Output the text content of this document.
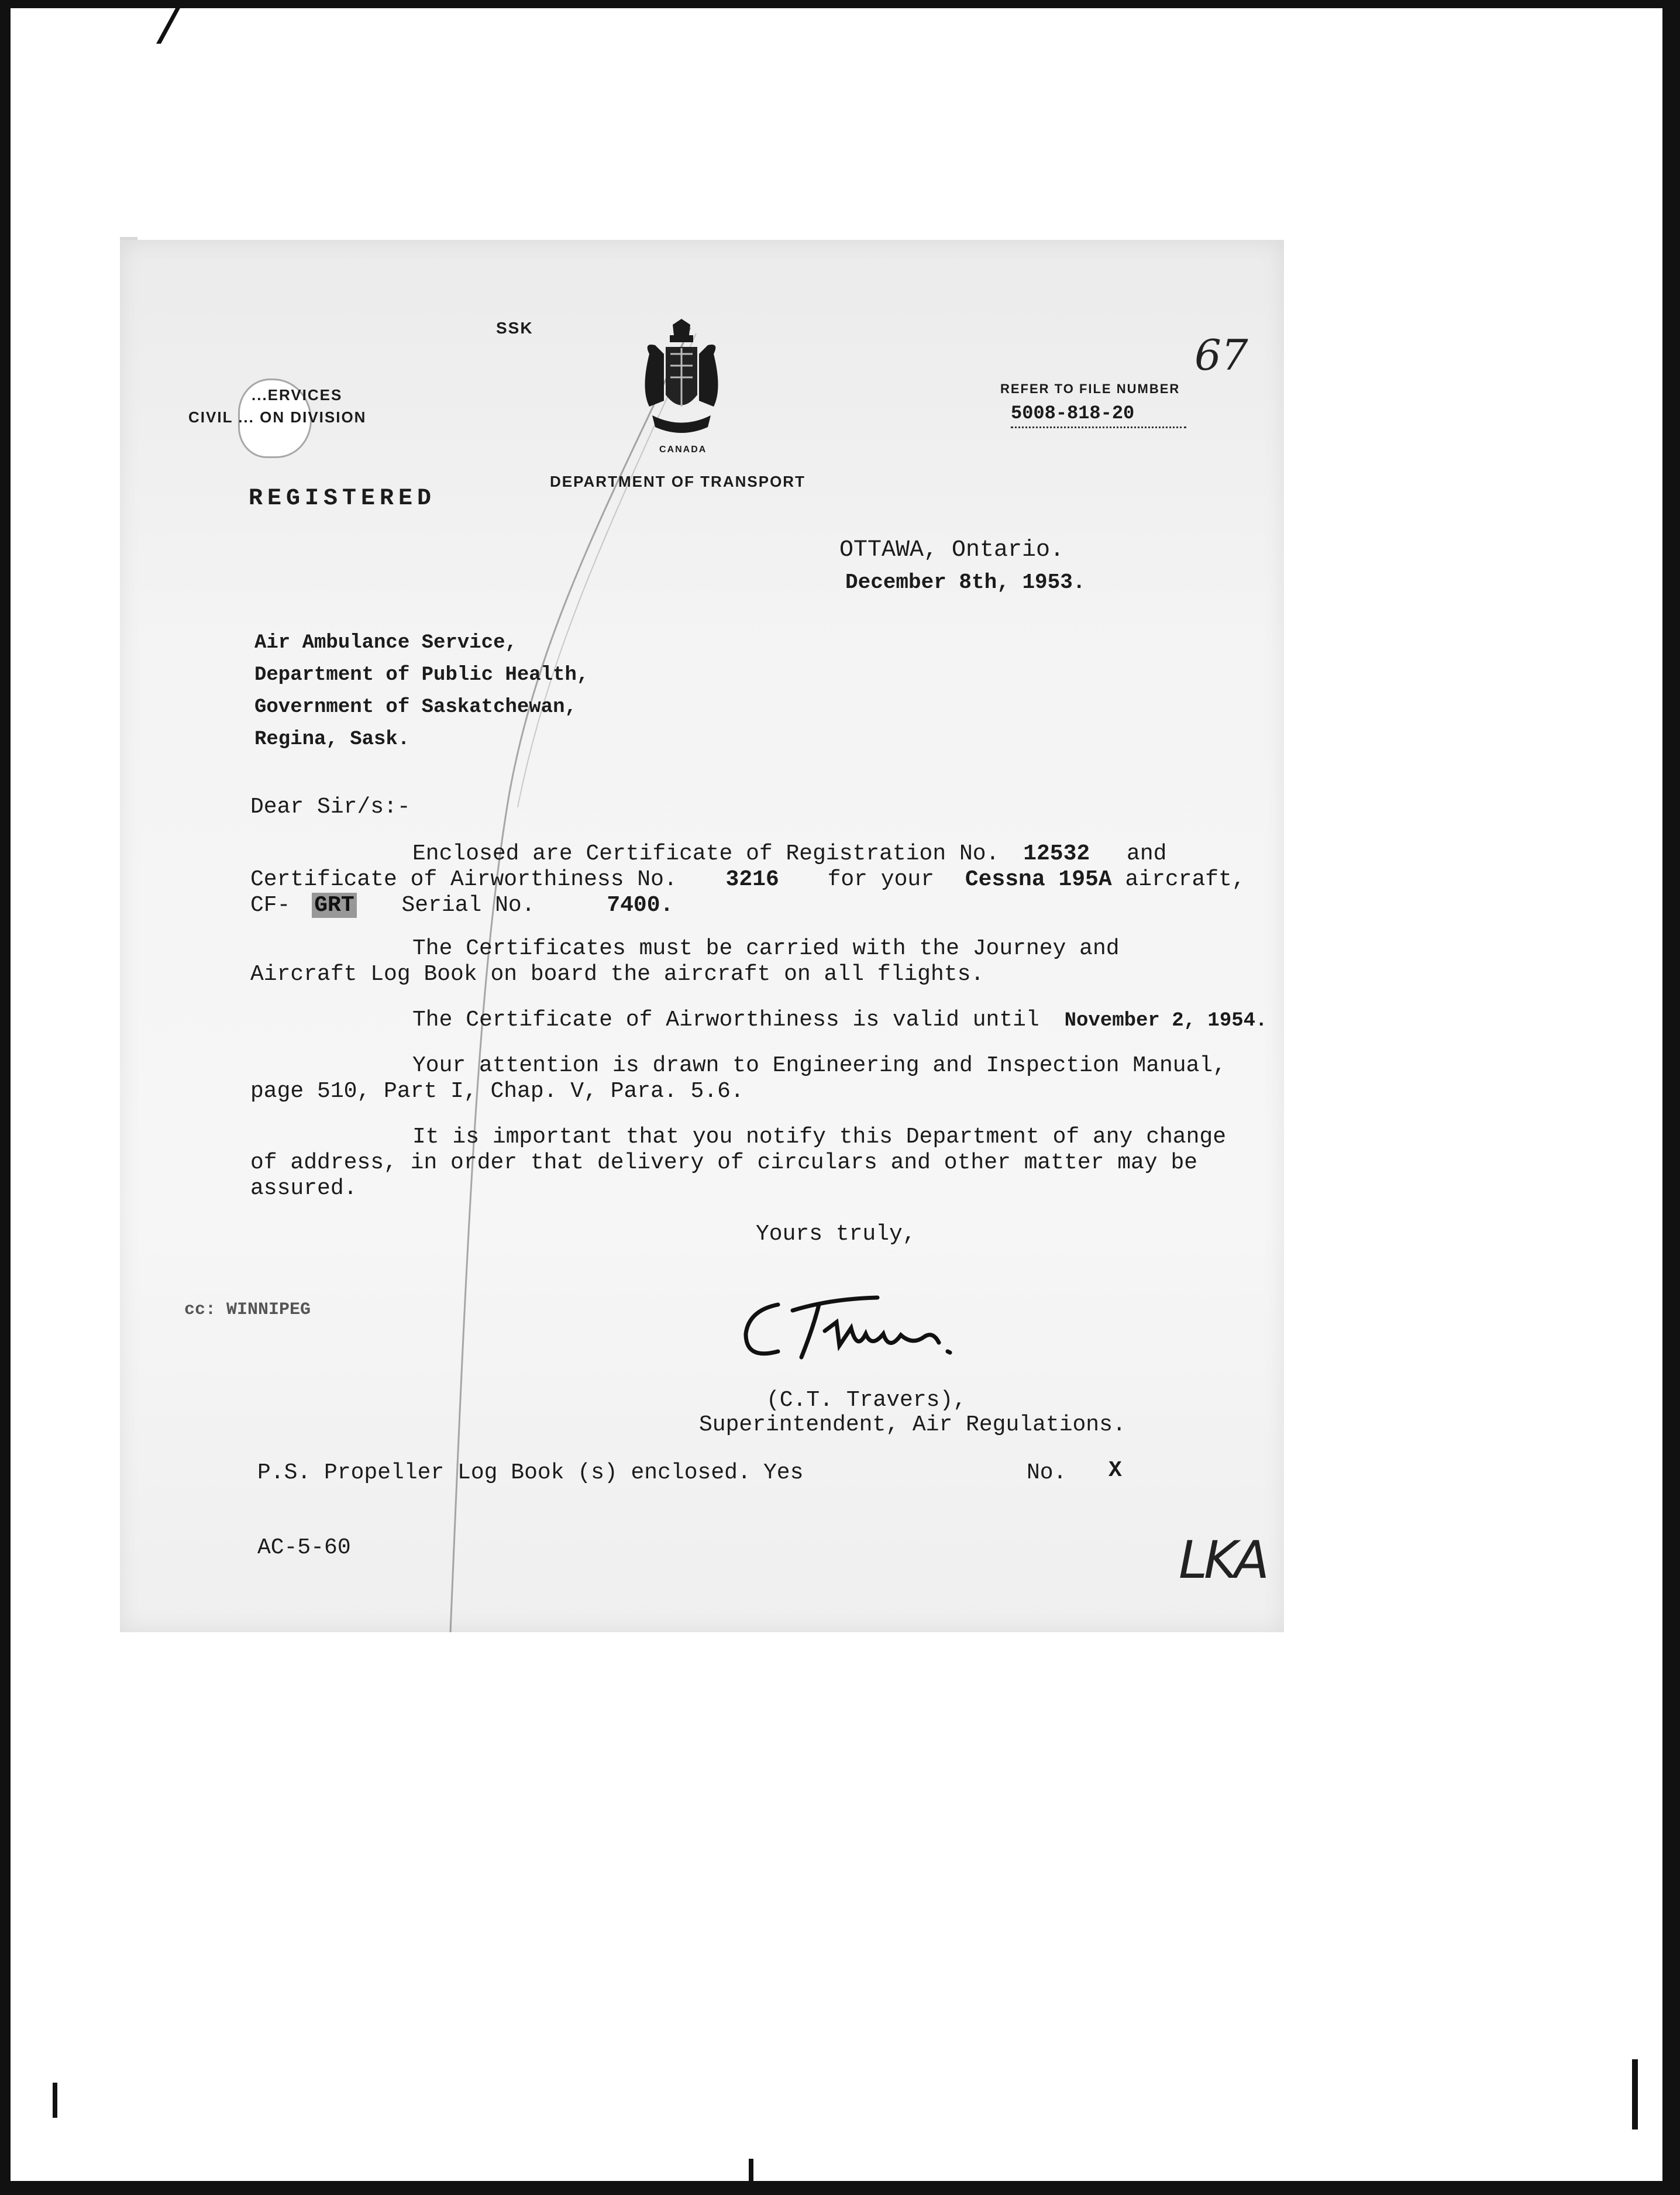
/
SSK
...ERVICES
CIVIL ... ON DIVISION
CANADA
DEPARTMENT OF TRANSPORT
REFER TO FILE NUMBER
5008-818-20
67
REGISTERED
OTTAWA, Ontario.
December 8th, 1953.
Air Ambulance Service,
Department of Public Health,
Government of Saskatchewan,
Regina, Sask.
Dear Sir/s:-
Enclosed are Certificate of Registration No. 12532 and
Certificate of Airworthiness No. 3216 for your Cessna 195A aircraft,
CF- GRT Serial No.	7400.
The Certificates must be carried with the Journey and
Aircraft Log Book on board the aircraft on all flights.
The Certificate of Airworthiness is valid until November 2, 1954.
Your attention is drawn to Engineering and Inspection Manual,
page 510, Part I, Chap. V, Para. 5.6.
It is important that you notify this Department of any change
of address, in order that delivery of circulars and other matter may be
assured.
Yours truly,
cc: WINNIPEG
(C.T. Travers),
Superintendent, Air Regulations.
P.S. Propeller Log Book (s) enclosed. Yes	No. X
AC-5-60	LKA
